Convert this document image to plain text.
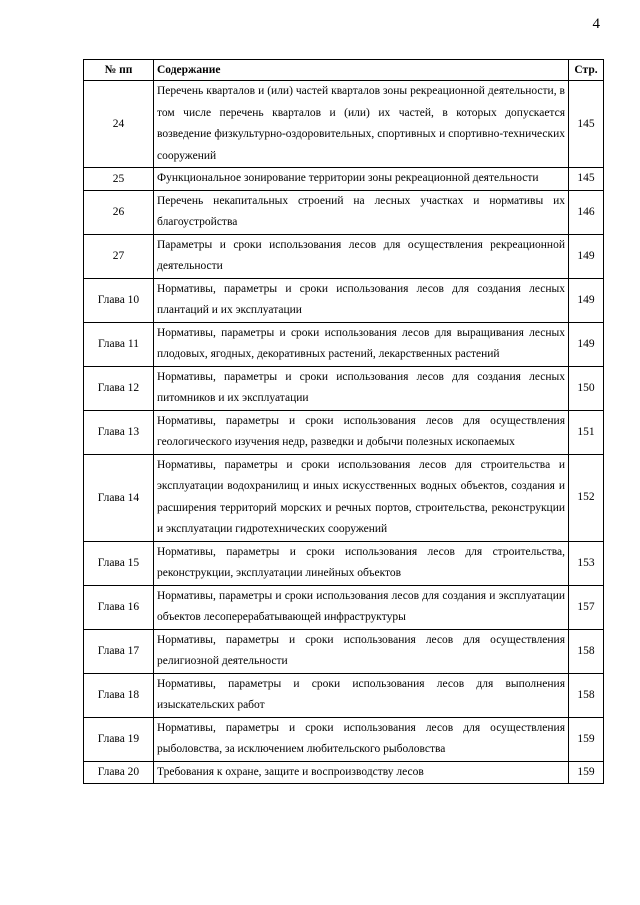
4
№ пп	Содержание	Стр.
24	Перечень кварталов и (или) частей кварталов зоны рекреационной деятельности, в том числе перечень кварталов и (или) их частей, в которых допускается возведение физкультурно-оздоровительных, спортивных и спортивно-технических сооружений	145
25	Функциональное зонирование территории зоны рекреационной деятельности	145
26	Перечень некапитальных строений на лесных участках и нормативы их благоустройства	146
27	Параметры и сроки использования лесов для осуществления рекреационной деятельности	149
Глава 10	Нормативы, параметры и сроки использования лесов для создания лесных плантаций и их эксплуатации	149
Глава 11	Нормативы, параметры и сроки использования лесов для выращивания лесных плодовых, ягодных, декоративных растений, лекарственных растений	149
Глава 12	Нормативы, параметры и сроки использования лесов для создания лесных питомников и их эксплуатации	150
Глава 13	Нормативы, параметры и сроки использования лесов для осуществления геологического изучения недр, разведки и добычи полезных ископаемых	151
Глава 14	Нормативы, параметры и сроки использования лесов для строительства и эксплуатации водохранилищ и иных искусственных водных объектов, создания и расширения территорий морских и речных портов, строительства, реконструкции и эксплуатации гидротехнических сооружений	152
Глава 15	Нормативы, параметры и сроки использования лесов для строительства, реконструкции, эксплуатации линейных объектов	153
Глава 16	Нормативы, параметры и сроки использования лесов для создания и эксплуатации объектов лесоперерабатывающей инфраструктуры	157
Глава 17	Нормативы, параметры и сроки использования лесов для осуществления религиозной деятельности	158
Глава 18	Нормативы, параметры и сроки использования лесов для выполнения изыскательских работ	158
Глава 19	Нормативы, параметры и сроки использования лесов для осуществления рыболовства, за исключением любительского рыболовства	159
Глава 20	Требования к охране, защите и воспроизводству лесов	159
